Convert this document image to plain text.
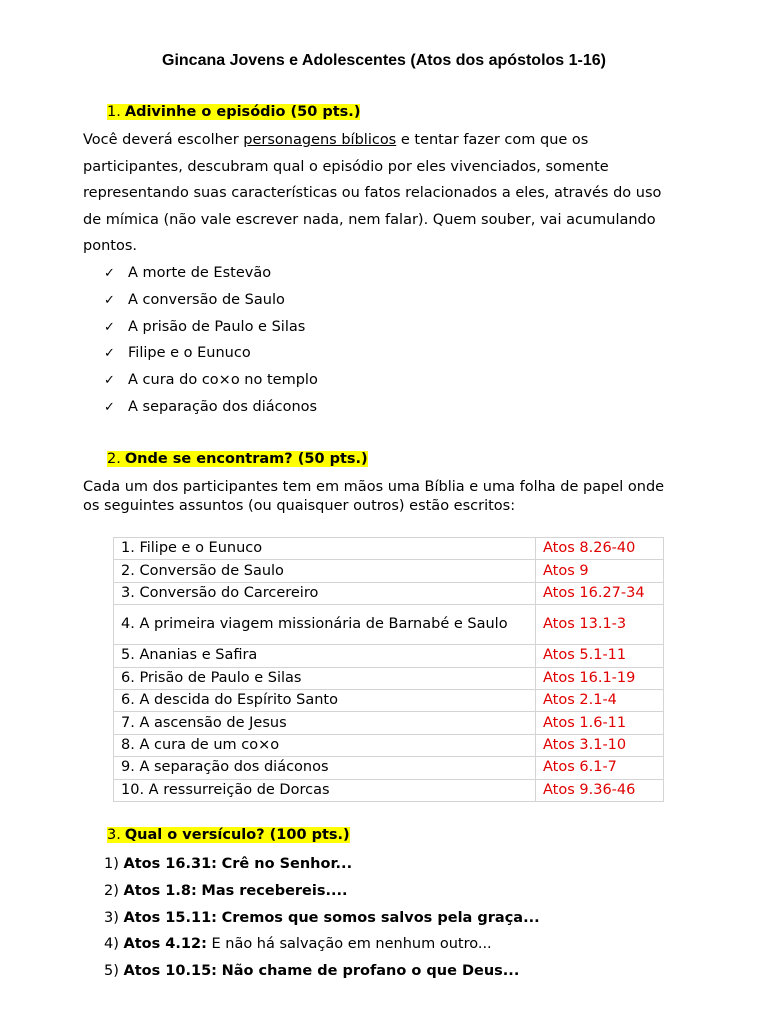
Gincana Jovens e Adolescentes (Atos dos apóstolos 1-16)
1. Adivinhe o episódio (50 pts.)
Você deverá escolher personagens bíblicos e tentar fazer com que os participantes, descubram qual o episódio por eles vivenciados, somente representando suas características ou fatos relacionados a eles, através do uso de mímica (não vale escrever nada, nem falar). Quem souber, vai acumulando pontos.
✓ A morte de Estevão
✓ A conversão de Saulo
✓ A prisão de Paulo e Silas
✓ Filipe e o Eunuco
✓ A cura do co×o no templo
✓ A separação dos diáconos
2. Onde se encontram? (50 pts.)
Cada um dos participantes tem em mãos uma Bíblia e uma folha de papel onde os seguintes assuntos (ou quaisquer outros) estão escritos:
1. Filipe e o Eunuco	Atos 8.26-40
2. Conversão de Saulo	Atos 9
3. Conversão do Carcereiro	Atos 16.27-34
4. A primeira viagem missionária de Barnabé e Saulo	Atos 13.1-3
5. Ananias e Safira	Atos 5.1-11
6. Prisão de Paulo e Silas	Atos 16.1-19
6. A descida do Espírito Santo	Atos 2.1-4
7. A ascensão de Jesus	Atos 1.6-11
8. A cura de um co×o	Atos 3.1-10
9. A separação dos diáconos	Atos 6.1-7
10. A ressurreição de Dorcas	Atos 9.36-46
3. Qual o versículo? (100 pts.)
1) Atos 16.31: Crê no Senhor...
2) Atos 1.8: Mas recebereis....
3) Atos 15.11: Cremos que somos salvos pela graça...
4) Atos 4.12: E não há salvação em nenhum outro...
5) Atos 10.15: Não chame de profano o que Deus...
